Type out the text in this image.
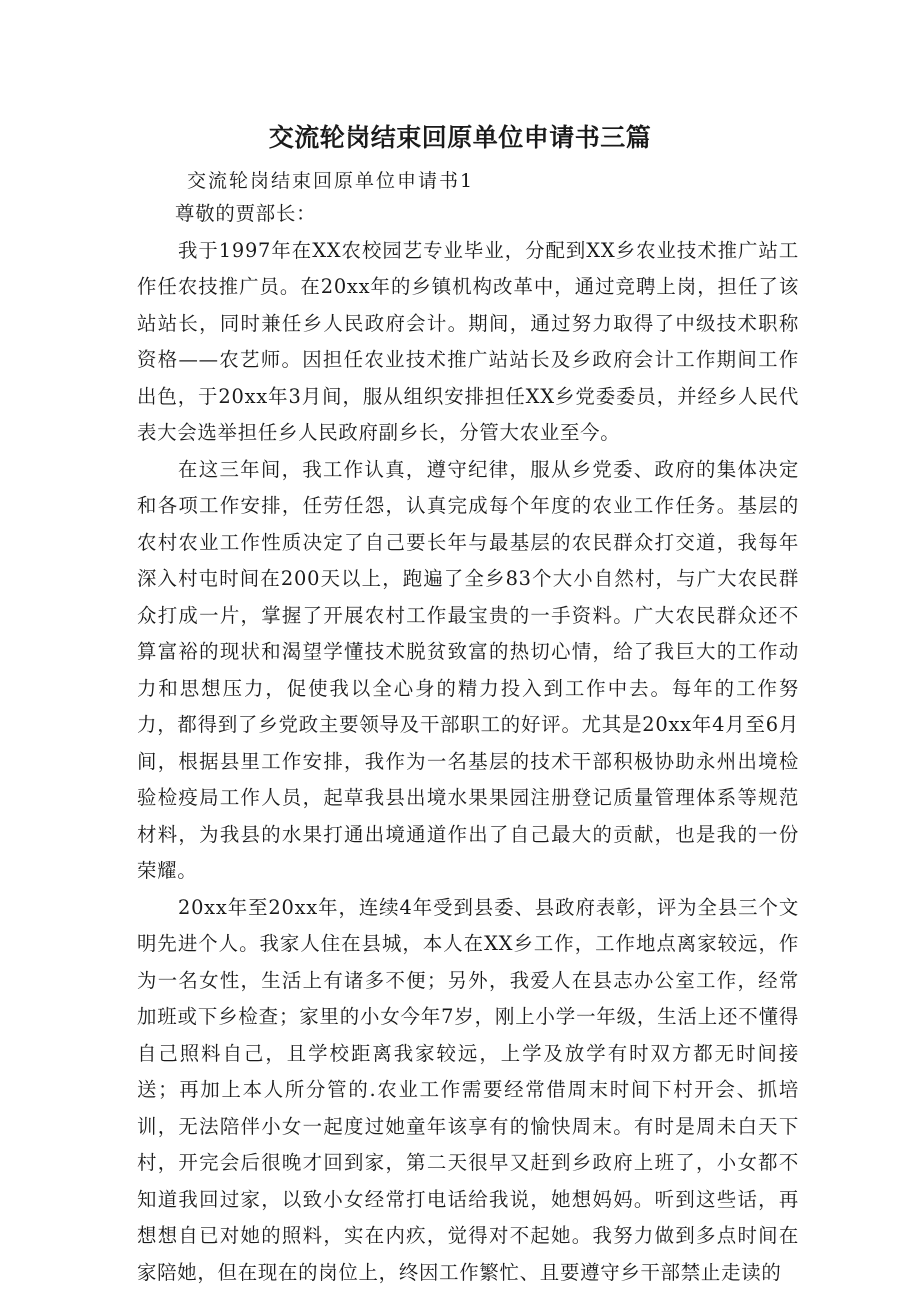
交流轮岗结束回原单位申请书三篇

交流轮岗结束回原单位申请书1

尊敬的贾部长：

我于1997年在XX农校园艺专业毕业，分配到XX乡农业技术推广站工作任农技推广员。在20xx年的乡镇机构改革中，通过竞聘上岗，担任了该站站长，同时兼任乡人民政府会计。期间，通过努力取得了中级技术职称资格——农艺师。因担任农业技术推广站站长及乡政府会计工作期间工作出色，于20xx年3月间，服从组织安排担任XX乡党委委员，并经乡人民代表大会选举担任乡人民政府副乡长，分管大农业至今。

在这三年间，我工作认真，遵守纪律，服从乡党委、政府的集体决定和各项工作安排，任劳任怨，认真完成每个年度的农业工作任务。基层的农村农业工作性质决定了自己要长年与最基层的农民群众打交道，我每年深入村屯时间在200天以上，跑遍了全乡83个大小自然村，与广大农民群众打成一片，掌握了开展农村工作最宝贵的一手资料。广大农民群众还不算富裕的现状和渴望学懂技术脱贫致富的热切心情，给了我巨大的工作动力和思想压力，促使我以全心身的精力投入到工作中去。每年的工作努力，都得到了乡党政主要领导及干部职工的好评。尤其是20xx年4月至6月间，根据县里工作安排，我作为一名基层的技术干部积极协助永州出境检验检疫局工作人员，起草我县出境水果果园注册登记质量管理体系等规范材料，为我县的水果打通出境通道作出了自己最大的贡献，也是我的一份荣耀。

20xx年至20xx年，连续4年受到县委、县政府表彰，评为全县三个文明先进个人。我家人住在县城，本人在XX乡工作，工作地点离家较远，作为一名女性，生活上有诸多不便；另外，我爱人在县志办公室工作，经常加班或下乡检查；家里的小女今年7岁，刚上小学一年级，生活上还不懂得自己照料自己，且学校距离我家较远，上学及放学有时双方都无时间接送；再加上本人所分管的.农业工作需要经常借周末时间下村开会、抓培训，无法陪伴小女一起度过她童年该享有的愉快周末。有时是周未白天下村，开完会后很晚才回到家，第二天很早又赶到乡政府上班了，小女都不知道我回过家，以致小女经常打电话给我说，她想妈妈。听到这些话，再想想自已对她的照料，实在内疚，觉得对不起她。我努力做到多点时间在家陪她，但在现在的岗位上，终因工作繁忙、且要遵守乡干部禁止走读的
